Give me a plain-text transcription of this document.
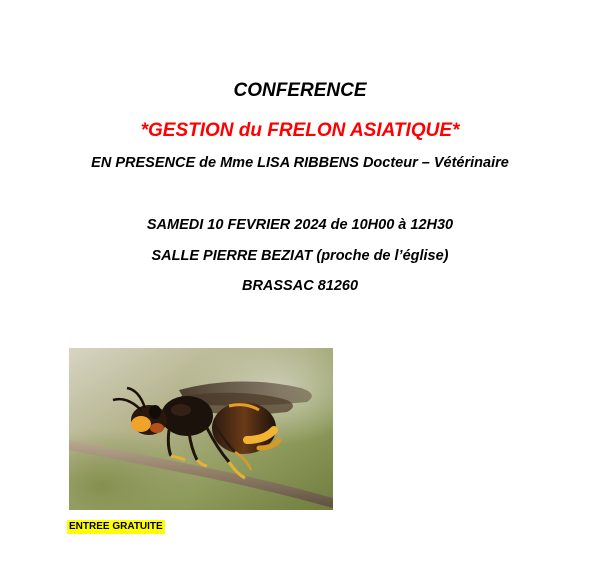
CONFERENCE
*GESTION du FRELON ASIATIQUE*
EN PRESENCE de Mme LISA RIBBENS Docteur – Vétérinaire
SAMEDI 10 FEVRIER 2024 de 10H00 à 12H30
SALLE PIERRE BEZIAT (proche de l’église)
BRASSAC 81260
ENTREE GRATUITE
